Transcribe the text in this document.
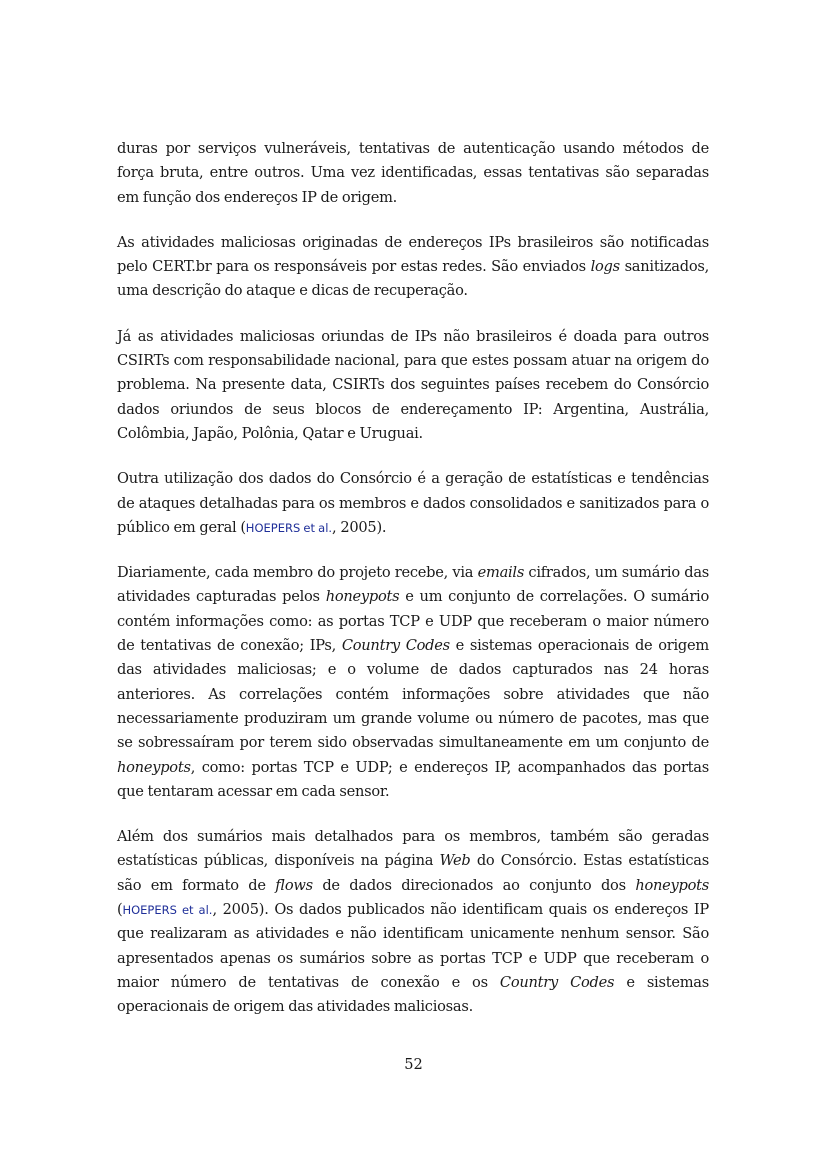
duras por serviços vulneráveis, tentativas de autenticação usando métodos de força bruta, entre outros. Uma vez identificadas, essas tentativas são separadas em função dos endereços IP de origem.

As atividades maliciosas originadas de endereços IPs brasileiros são notificadas pelo CERT.br para os responsáveis por estas redes. São enviados logs sanitizados, uma descrição do ataque e dicas de recuperação.

Já as atividades maliciosas oriundas de IPs não brasileiros é doada para outros CSIRTs com responsabilidade nacional, para que estes possam atuar na origem do problema. Na presente data, CSIRTs dos seguintes países recebem do Consórcio dados oriundos de seus blocos de endereçamento IP: Argentina, Austrália, Colômbia, Japão, Polônia, Qatar e Uruguai.

Outra utilização dos dados do Consórcio é a geração de estatísticas e tendências de ataques detalhadas para os membros e dados consolidados e sanitizados para o público em geral (HOEPERS et al., 2005).

Diariamente, cada membro do projeto recebe, via emails cifrados, um sumário das atividades capturadas pelos honeypots e um conjunto de correlações. O sumário contém informações como: as portas TCP e UDP que receberam o maior número de tentativas de conexão; IPs, Country Codes e sistemas operacionais de origem das atividades maliciosas; e o volume de dados capturados nas 24 horas anteriores. As correlações contém informações sobre atividades que não necessariamente produziram um grande volume ou número de pacotes, mas que se sobressaíram por terem sido observadas simultaneamente em um conjunto de honeypots, como: portas TCP e UDP; e endereços IP, acompanhados das portas que tentaram acessar em cada sensor.

Além dos sumários mais detalhados para os membros, também são geradas estatísticas públicas, disponíveis na página Web do Consórcio. Estas estatísticas são em formato de flows de dados direcionados ao conjunto dos honeypots (HOEPERS et al., 2005). Os dados publicados não identificam quais os endereços IP que realizaram as atividades e não identificam unicamente nenhum sensor. São apresentados apenas os sumários sobre as portas TCP e UDP que receberam o maior número de tentativas de conexão e os Country Codes e sistemas operacionais de origem das atividades maliciosas.

52
